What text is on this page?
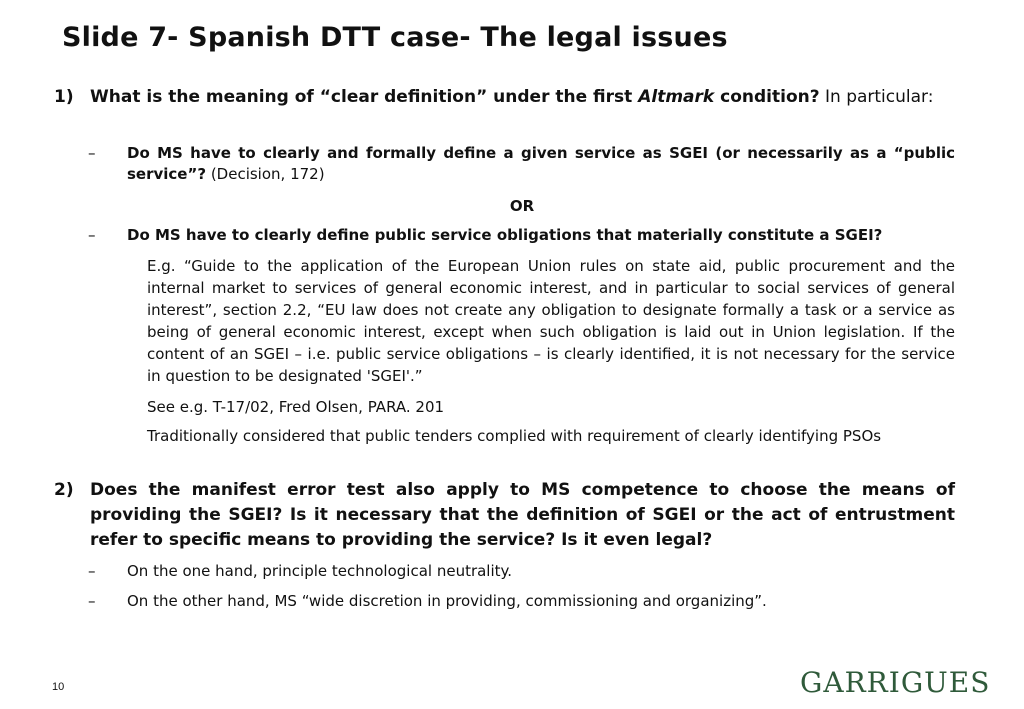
Slide 7- Spanish DTT case- The legal issues
1) What is the meaning of “clear definition” under the first Altmark condition? In particular:
– Do MS have to clearly and formally define a given service as SGEI (or necessarily as a “public service”? (Decision, 172)
OR
– Do MS have to clearly define public service obligations that materially constitute a SGEI?
E.g. “Guide to the application of the European Union rules on state aid, public procurement and the internal market to services of general economic interest, and in particular to social services of general interest”, section 2.2, “EU law does not create any obligation to designate formally a task or a service as being of general economic interest, except when such obligation is laid out in Union legislation. If the content of an SGEI – i.e. public service obligations – is clearly identified, it is not necessary for the service in question to be designated 'SGEI'.”
See e.g. T-17/02, Fred Olsen, PARA. 201
Traditionally considered that public tenders complied with requirement of clearly identifying PSOs
2) Does the manifest error test also apply to MS competence to choose the means of providing the SGEI? Is it necessary that the definition of SGEI or the act of entrustment refer to specific means to providing the service? Is it even legal?
– On the one hand, principle technological neutrality.
– On the other hand, MS “wide discretion in providing, commissioning and organizing”.
10	GARRIGUES
